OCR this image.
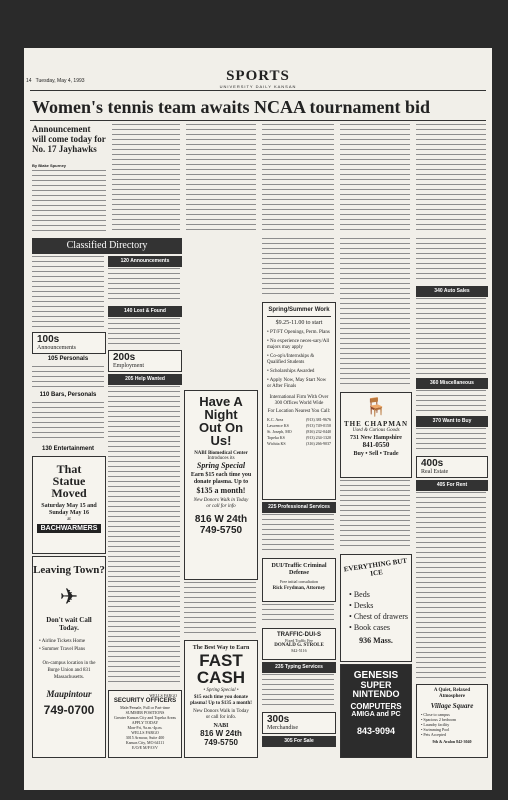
14 Tuesday, May 4, 1993	SPORTS
UNIVERSITY DAILY KANSAN
Women's tennis team awaits NCAA tournament bid
Announcement will come today for No. 17 Jayhawks
By Blake Spurney
Classified Directory
100s
Announcements
105 Personals
110 Bars, Personals
130 Entertainment
That
Statue
Moved
Saturday May 15 and Sunday May 16
at
BACHWARMERS
Leaving Town?
✈
Don't wait Call Today.
• Airline Tickets Home
• Summer Travel Plans
On-campus location in the Burge Union and 831 Massachusetts.
Maupintour
749-0700
120 Announcements
140 Lost & Found
200s
Employment
205 Help Wanted
WELLS FARGO
SECURITY OFFICERS
Male/Female, Full or Part-time
SUMMER POSITIONS
Greater Kansas City and Topeka Areas
APPLY TODAY
Mon-Fri, 9a.m.-4p.m.
WELLS FARGO
3015 Armour, Suite 400
Kansas City, MO 64111
E/O/E M/F/O/V
Have A
Night
Out On
Us!
NABI Biomedical Center
Introduces its
Spring Special
Earn $15 each time you donate plasma. Up to
$135 a month!
New Donors Walk in Today or call for info
816 W 24th
749-5750
The Best Way to Earn
FAST
CASH
• Spring Special •
$15 each time you donate plasma! Up to $135 a month!
New Donors Walk in Today or call for info.
NABI
816 W 24th
749-5750
Spring/Summer Work
$9.25-11.00 to start
• PT/FT Openings, Perm. Plans
• No experience neces-sary/All majors may apply
• Co-op's/Internships & Qualified Students
• Scholarships Awarded
• Apply Now, May Start Now or After Finals
International Firm With Over 300 Offices World Wide
For Location Nearest You Call:
K.C. Area	(913) 381-9676
Lawrence KS	(913) 749-0150
St. Joseph, MO	(816) 232-0440
Topeka KS	(913) 234-1320
Wichita KS	(316) 266-9037
225 Professional Services
DUI/Traffic Criminal Defense
Free initial consultation
Rick Frydman, Attorney
TRAFFIC-DUI-S
Fixed Traffic Fee
DONALD G. STROLE
842-5116
235 Typing Services
300s
Merchandise
305 For Sale
🪑
THE CHAPMAN
Used & Curious Goods
731 New Hampshire
841-0550
Buy • Sell • Trade
EVERYTHING BUT ICE
• Beds
• Desks
• Chest of drawers
• Book cases
936 Mass.
GENESIS
SUPER
NINTENDO
COMPUTERS
AMIGA and PC
843-9094
340 Auto Sales
360 Miscellaneous
370 Want to Buy
400s
Real Estate
405 For Rent
A Quiet, Relaxed Atmosphere
Village Square
• Close to campus
• Spacious 2 bedroom
• Laundry facility
• Swimming Pool
• Pets Accepted
9th & Avalon 842-3040
